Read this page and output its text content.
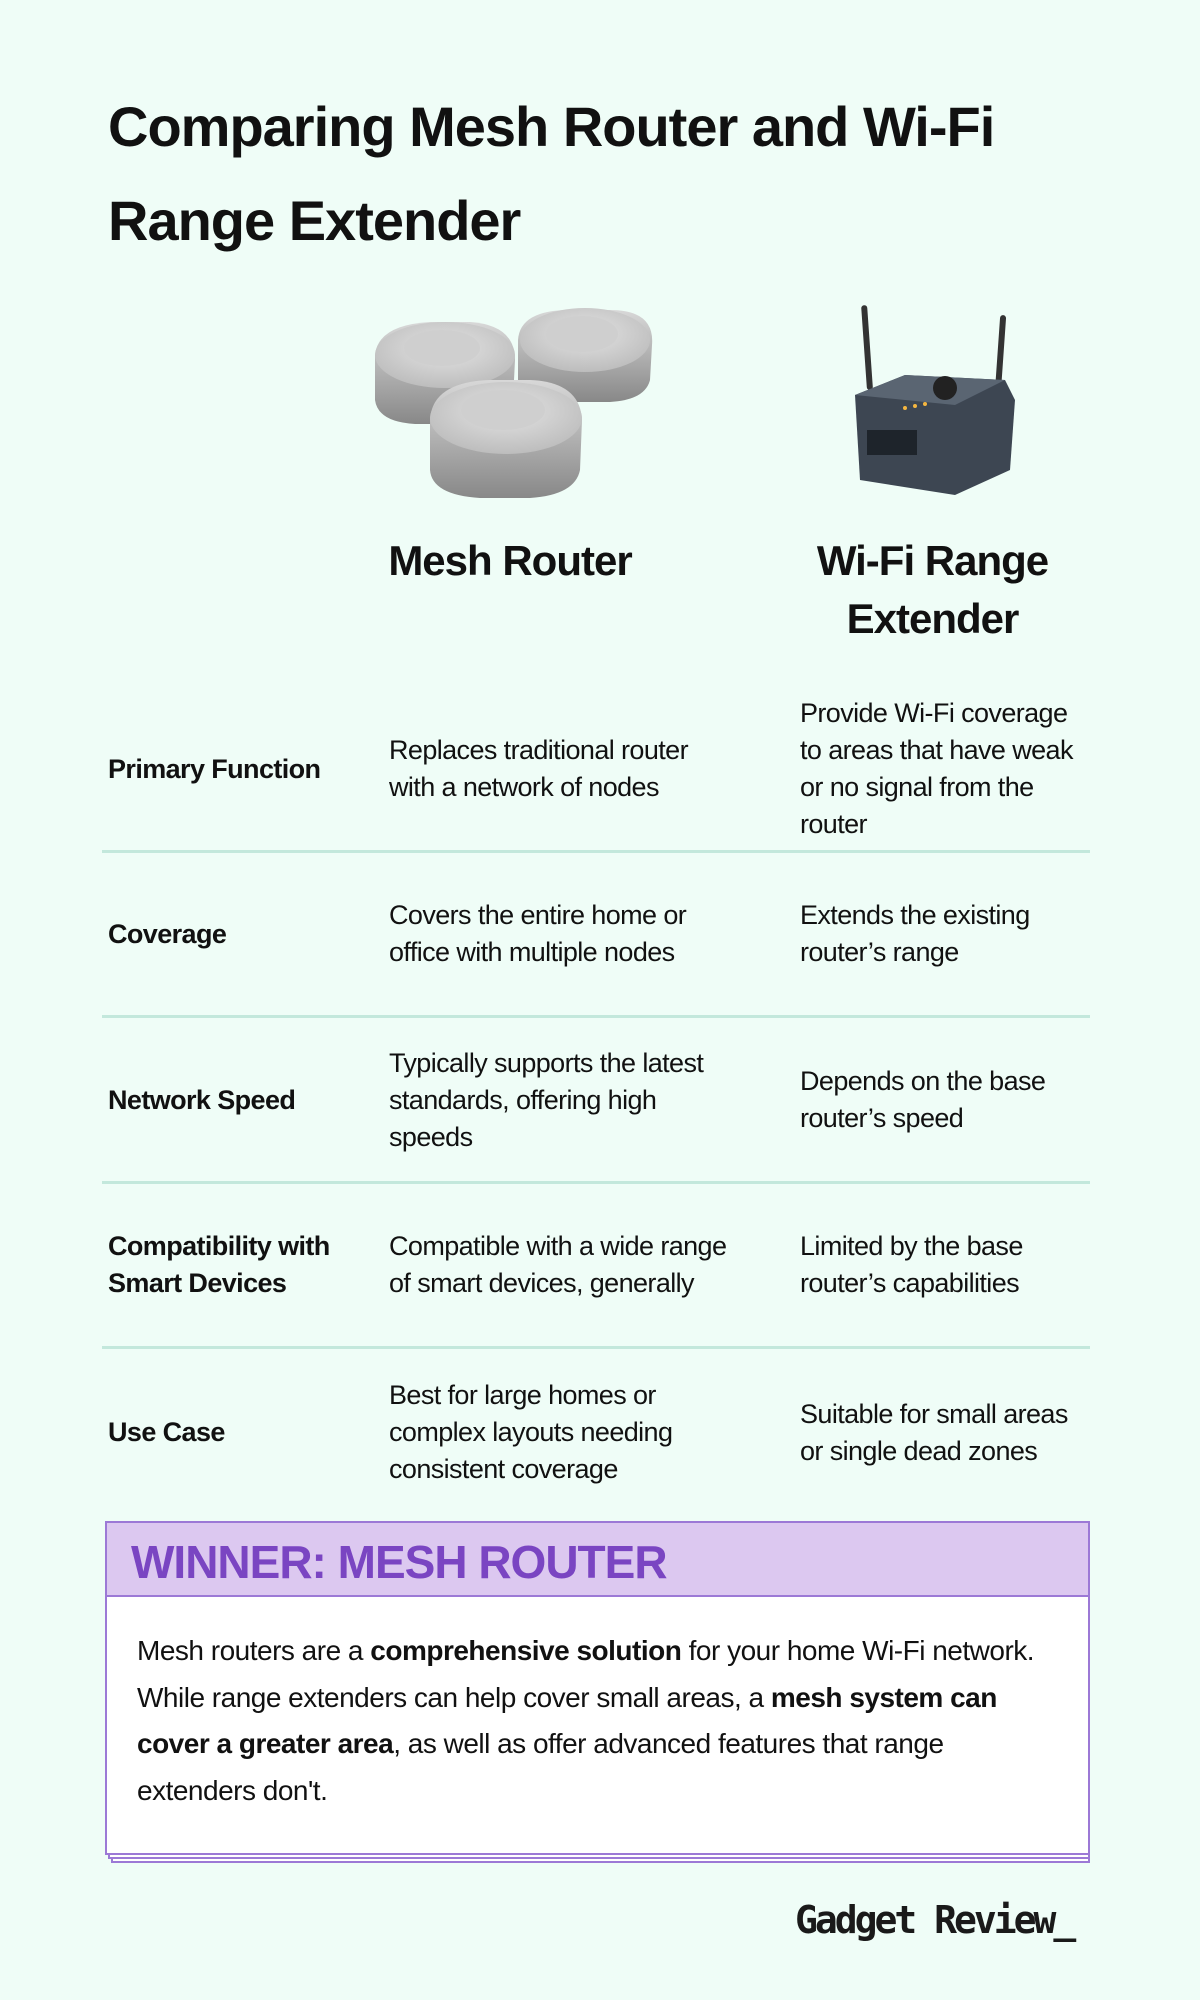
Comparing Mesh Router and Wi-Fi Range Extender
Mesh Router	Wi-Fi Range
Extender
Primary Function
Replaces traditional router with a network of nodes
Provide Wi-Fi coverage to areas that have weak or no signal from the router
Coverage
Covers the entire home or office with multiple nodes
Extends the existing router’s range
Network Speed
Typically supports the latest standards, offering high speeds
Depends on the base router’s speed
Compatibility with Smart Devices
Compatible with a wide range of smart devices, generally
Limited by the base router’s capabilities
Use Case
Best for large homes or complex layouts needing consistent coverage
Suitable for small areas or single dead zones
WINNER: MESH ROUTER
Mesh routers are a comprehensive solution for your home Wi-Fi network. While range extenders can help cover small areas, a mesh system can cover a greater area, as well as offer advanced features that range extenders don't.
Gadget Review_
